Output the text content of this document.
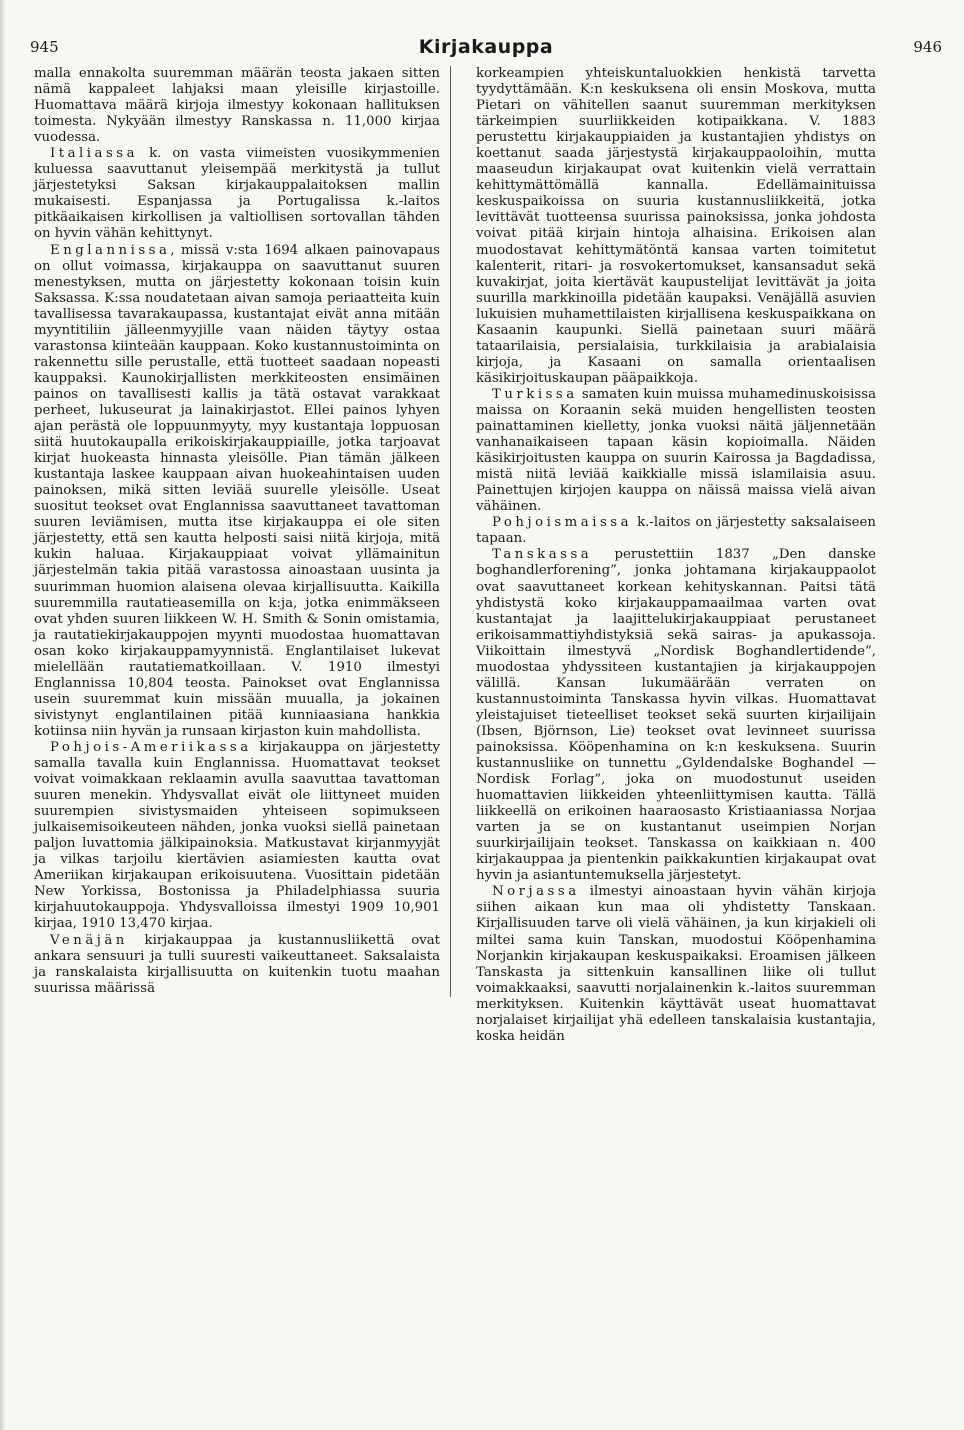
945	Kirjakauppa	946

malla ennakolta suuremman määrän teosta jakaen sitten nämä kappaleet lahjaksi maan yleisille kirjastoille. Huomattava määrä kirjoja ilmestyy kokonaan hallituksen toimesta. Nykyään ilmestyy Ranskassa n. 11,000 kirjaa vuodessa.

Italiassa k. on vasta viimeisten vuosikymmenien kuluessa saavuttanut yleisempää merkitystä ja tullut järjestetyksi Saksan kirjakauppalaitoksen mallin mukaisesti. Espanjassa ja Portugalissa k.-laitos pitkäaikaisen kirkollisen ja valtiollisen sortovallan tähden on hyvin vähän kehittynyt.

Englannissa, missä v:sta 1694 alkaen painovapaus on ollut voimassa, kirjakauppa on saavuttanut suuren menestyksen, mutta on järjestetty kokonaan toisin kuin Saksassa. K:ssa noudatetaan aivan samoja periaatteita kuin tavallisessa tavarakaupassa, kustantajat eivät anna mitään myyntitiliin jälleenmyyjille vaan näiden täytyy ostaa varastonsa kiinteään kauppaan. Koko kustannustoiminta on rakennettu sille perustalle, että tuotteet saadaan nopeasti kauppaksi. Kaunokirjallisten merkkiteosten ensimäinen painos on tavallisesti kallis ja tätä ostavat varakkaat perheet, lukuseurat ja lainakirjastot. Ellei painos lyhyen ajan perästä ole loppuunmyyty, myy kustantaja loppuosan siitä huutokaupalla erikoiskirjakauppiaille, jotka tarjoavat kirjat huokeasta hinnasta yleisölle. Pian tämän jälkeen kustantaja laskee kauppaan aivan huokeahintaisen uuden painoksen, mikä sitten leviää suurelle yleisölle. Useat suositut teokset ovat Englannissa saavuttaneet tavattoman suuren leviämisen, mutta itse kirjakauppa ei ole siten järjestetty, että sen kautta helposti saisi niitä kirjoja, mitä kukin haluaa. Kirjakauppiaat voivat yllämainitun järjestelmän takia pitää varastossa ainoastaan uusinta ja suurimman huomion alaisena olevaa kirjallisuutta. Kaikilla suuremmilla rautatieasemilla on k:ja, jotka enimmäkseen ovat yhden suuren liikkeen W. H. Smith & Sonin omistamia, ja rautatiekirjakauppojen myynti muodostaa huomattavan osan koko kirjakauppamyynnistä. Englantilaiset lukevat mielellään rautatiematkoillaan. V. 1910 ilmestyi Englannissa 10,804 teosta. Painokset ovat Englannissa usein suuremmat kuin missään muualla, ja jokainen sivistynyt englantilainen pitää kunniaasiana hankkia kotiinsa niin hyvän ja runsaan kirjaston kuin mahdollista.

Pohjois-Ameriikassa kirjakauppa on järjestetty samalla tavalla kuin Englannissa. Huomattavat teokset voivat voimakkaan reklaamin avulla saavuttaa tavattoman suuren menekin. Yhdysvallat eivät ole liittyneet muiden suurempien sivistysmaiden yhteiseen sopimukseen julkaisemisoikeuteen nähden, jonka vuoksi siellä painetaan paljon luvattomia jälkipainoksia. Matkustavat kirjanmyyjät ja vilkas tarjoilu kiertävien asiamiesten kautta ovat Ameriikan kirjakaupan erikoisuutena. Vuosittain pidetään New Yorkissa, Bostonissa ja Philadelphiassa suuria kirjahuutokauppoja. Yhdysvalloissa ilmestyi 1909 10,901 kirjaa, 1910 13,470 kirjaa.

Venäjän kirjakauppaa ja kustannusliikettä ovat ankara sensuuri ja tulli suuresti vaikeuttaneet. Saksalaista ja ranskalaista kirjallisuutta on kuitenkin tuotu maahan suurissa määrissä

korkeampien yhteiskuntaluokkien henkistä tarvetta tyydyttämään. K:n keskuksena oli ensin Moskova, mutta Pietari on vähitellen saanut suuremman merkityksen tärkeimpien suurliikkeiden kotipaikkana. V. 1883 perustettu kirjakauppiaiden ja kustantajien yhdistys on koettanut saada järjestystä kirjakauppaoloihin, mutta maaseudun kirjakaupat ovat kuitenkin vielä verrattain kehittymättömällä kannalla. Edellämainituissa keskuspaikoissa on suuria kustannusliikkeitä, jotka levittävät tuotteensa suurissa painoksissa, jonka johdosta voivat pitää kirjain hintoja alhaisina. Erikoisen alan muodostavat kehittymätöntä kansaa varten toimitetut kalenterit, ritari- ja rosvokertomukset, kansansadut sekä kuvakirjat, joita kiertävät kaupustelijat levittävät ja joita suurilla markkinoilla pidetään kaupaksi. Venäjällä asuvien lukuisien muhamettilaisten kirjallisena keskuspaikkana on Kasaanin kaupunki. Siellä painetaan suuri määrä tataarilaisia, persialaisia, turkkilaisia ja arabialaisia kirjoja, ja Kasaani on samalla orientaalisen käsikirjoituskaupan pääpaikkoja.

Turkissa samaten kuin muissa muhamedinuskoisissa maissa on Koraanin sekä muiden hengellisten teosten painattaminen kielletty, jonka vuoksi näitä jäljennetään vanhanaikaiseen tapaan käsin kopioimalla. Näiden käsikirjoitusten kauppa on suurin Kairossa ja Bagdadissa, mistä niitä leviää kaikkialle missä islamilaisia asuu. Painettujen kirjojen kauppa on näissä maissa vielä aivan vähäinen.

Pohjoismaissa k.-laitos on järjestetty saksalaiseen tapaan.

Tanskassa perustettiin 1837 „Den danske boghandlerforening”, jonka johtamana kirjakauppaolot ovat saavuttaneet korkean kehityskannan. Paitsi tätä yhdistystä koko kirjakauppamaailmaa varten ovat kustantajat ja laajittelukirjakauppiaat perustaneet erikoisammattiyhdistyksiä sekä sairas- ja apukassoja. Viikoittain ilmestyvä „Nordisk Boghandlertidende”, muodostaa yhdyssiteen kustantajien ja kirjakauppojen välillä. Kansan lukumäärään verraten on kustannustoiminta Tanskassa hyvin vilkas. Huomattavat yleistajuiset tieteelliset teokset sekä suurten kirjailijain (Ibsen, Björnson, Lie) teokset ovat levinneet suurissa painoksissa. Kööpenhamina on k:n keskuksena. Suurin kustannusliike on tunnettu „Gyldendalske Boghandel — Nordisk Forlag”, joka on muodostunut useiden huomattavien liikkeiden yhteenliittymisen kautta. Tällä liikkeellä on erikoinen haaraosasto Kristiaaniassa Norjaa varten ja se on kustantanut useimpien Norjan suurkirjailijain teokset. Tanskassa on kaikkiaan n. 400 kirjakauppaa ja pientenkin paikkakuntien kirjakaupat ovat hyvin ja asiantuntemuksella järjestetyt.

Norjassa ilmestyi ainoastaan hyvin vähän kirjoja siihen aikaan kun maa oli yhdistetty Tanskaan. Kirjallisuuden tarve oli vielä vähäinen, ja kun kirjakieli oli miltei sama kuin Tanskan, muodostui Kööpenhamina Norjankin kirjakaupan keskuspaikaksi. Eroamisen jälkeen Tanskasta ja sittenkuin kansallinen liike oli tullut voimakkaaksi, saavutti norjalainenkin k.-laitos suuremman merkityksen. Kuitenkin käyttävät useat huomattavat norjalaiset kirjailijat yhä edelleen tanskalaisia kustantajia, koska heidän
